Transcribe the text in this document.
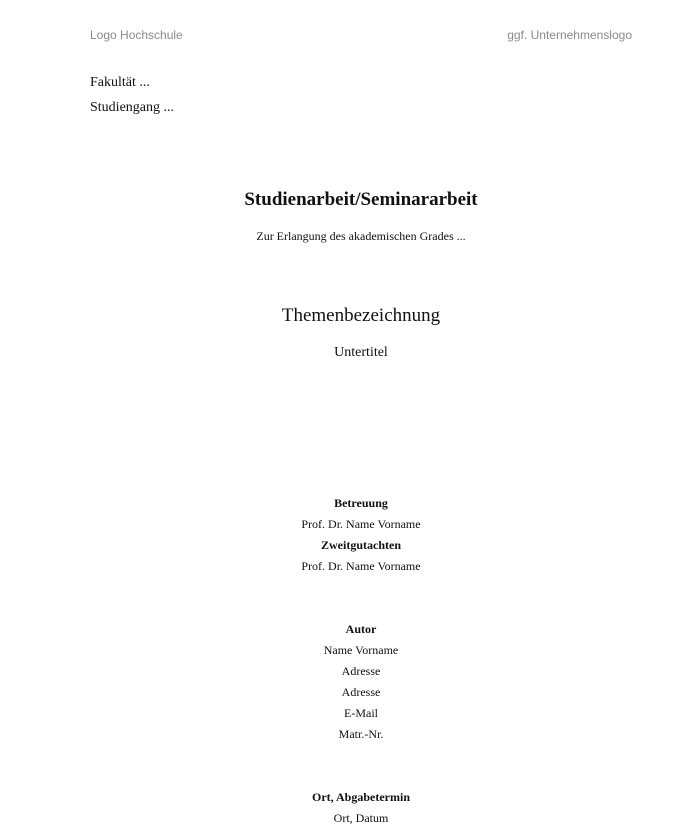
Logo Hochschule	ggf. Unternehmenslogo
Fakultät ...
Studiengang ...
Studienarbeit/Seminararbeit
Zur Erlangung des akademischen Grades ...
Themenbezeichnung
Untertitel
Betreuung
Prof. Dr. Name Vorname
Zweitgutachten
Prof. Dr. Name Vorname
Autor
Name Vorname
Adresse
Adresse
E-Mail
Matr.-Nr.
Ort, Abgabetermin
Ort, Datum
